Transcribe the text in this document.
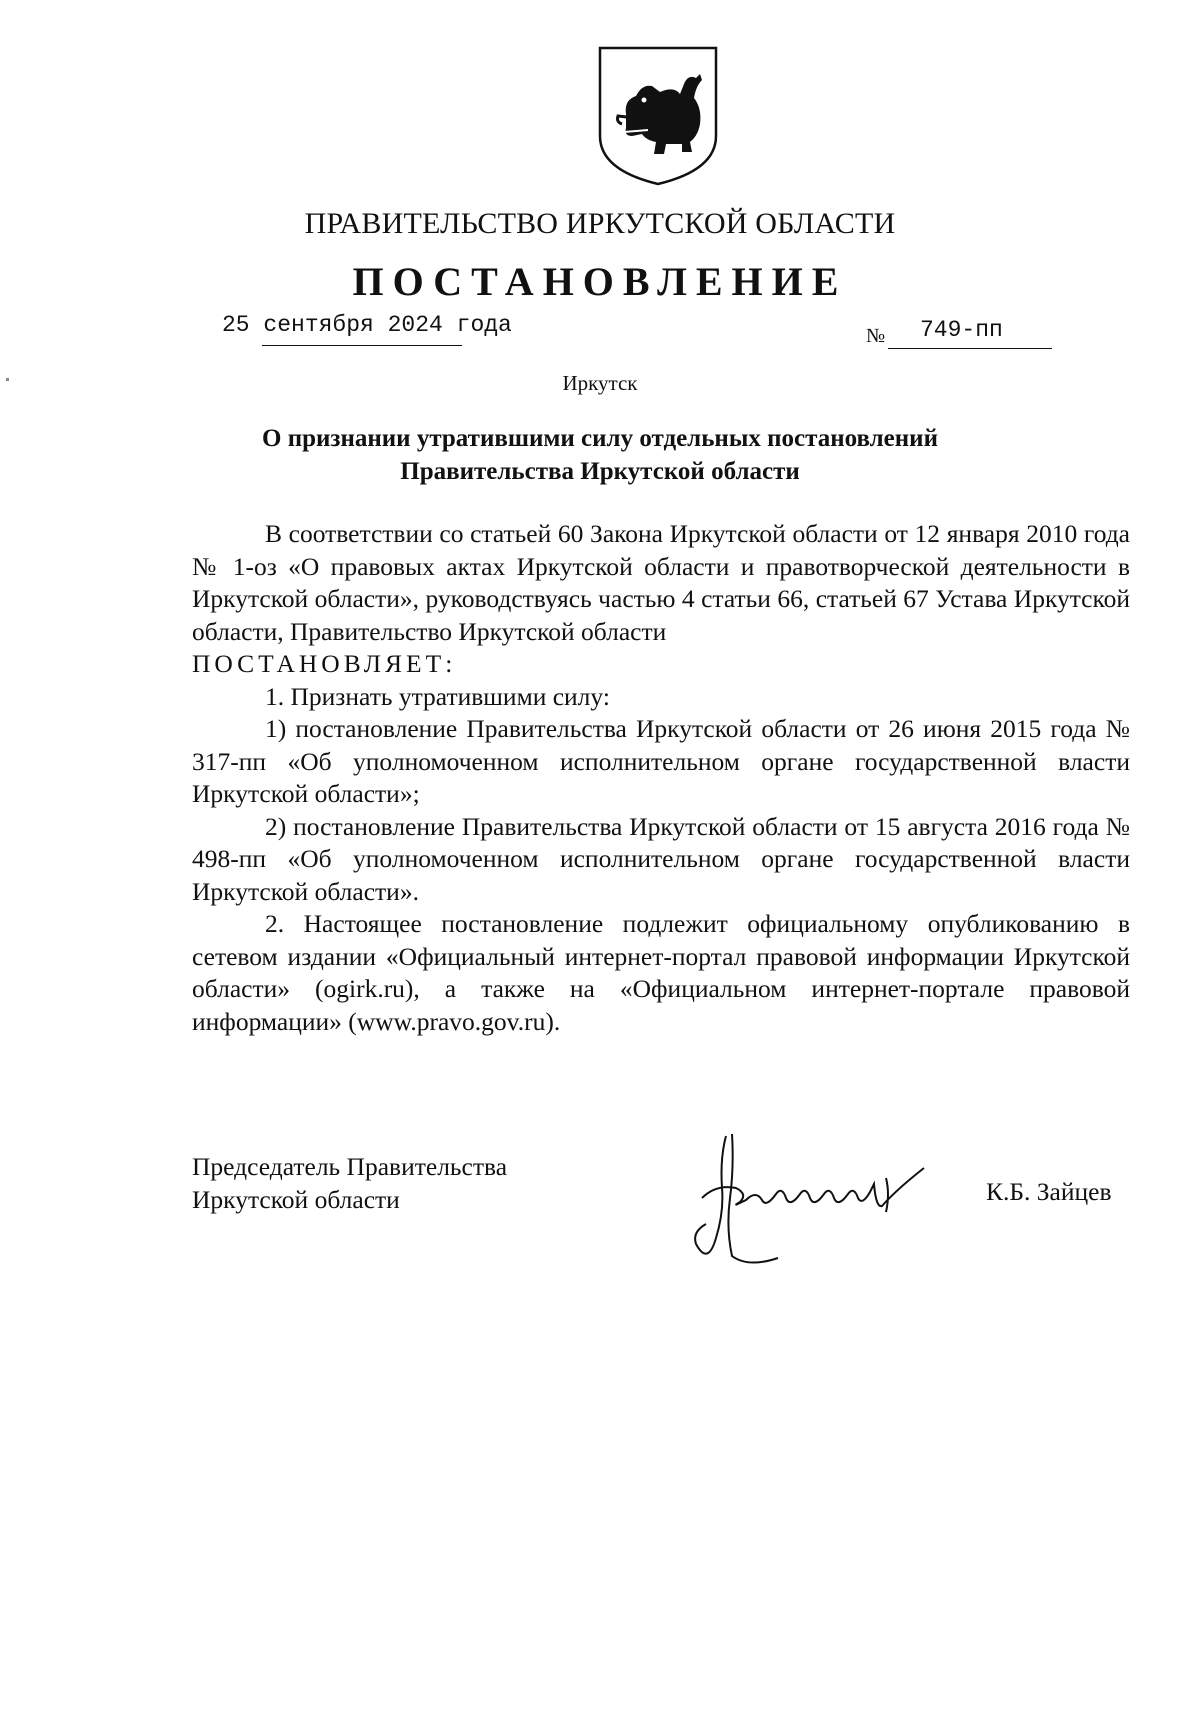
ПРАВИТЕЛЬСТВО ИРКУТСКОЙ ОБЛАСТИ
ПОСТАНОВЛЕНИЕ
25 сентября 2024 года	№ 749-пп
Иркутск
О признании утратившими силу отдельных постановлений
Правительства Иркутской области

В соответствии со статьей 60 Закона Иркутской области от 12 января 2010 года № 1-оз «О правовых актах Иркутской области и правотворческой деятельности в Иркутской области», руководствуясь частью 4 статьи 66, статьей 67 Устава Иркутской области, Правительство Иркутской области

ПОСТАНОВЛЯЕТ:

1. Признать утратившими силу:

1) постановление Правительства Иркутской области от 26 июня 2015 года № 317-пп «Об уполномоченном исполнительном органе государственной власти Иркутской области»;

2) постановление Правительства Иркутской области от 15 августа 2016 года № 498-пп «Об уполномоченном исполнительном органе государственной власти Иркутской области».

2. Настоящее постановление подлежит официальному опубликованию в сетевом издании «Официальный интернет-портал правовой информации Иркутской области» (ogirk.ru), а также на «Официальном интернет-портале правовой информации» (www.pravo.gov.ru).

Председатель Правительства
Иркутской области	К.Б. Зайцев
